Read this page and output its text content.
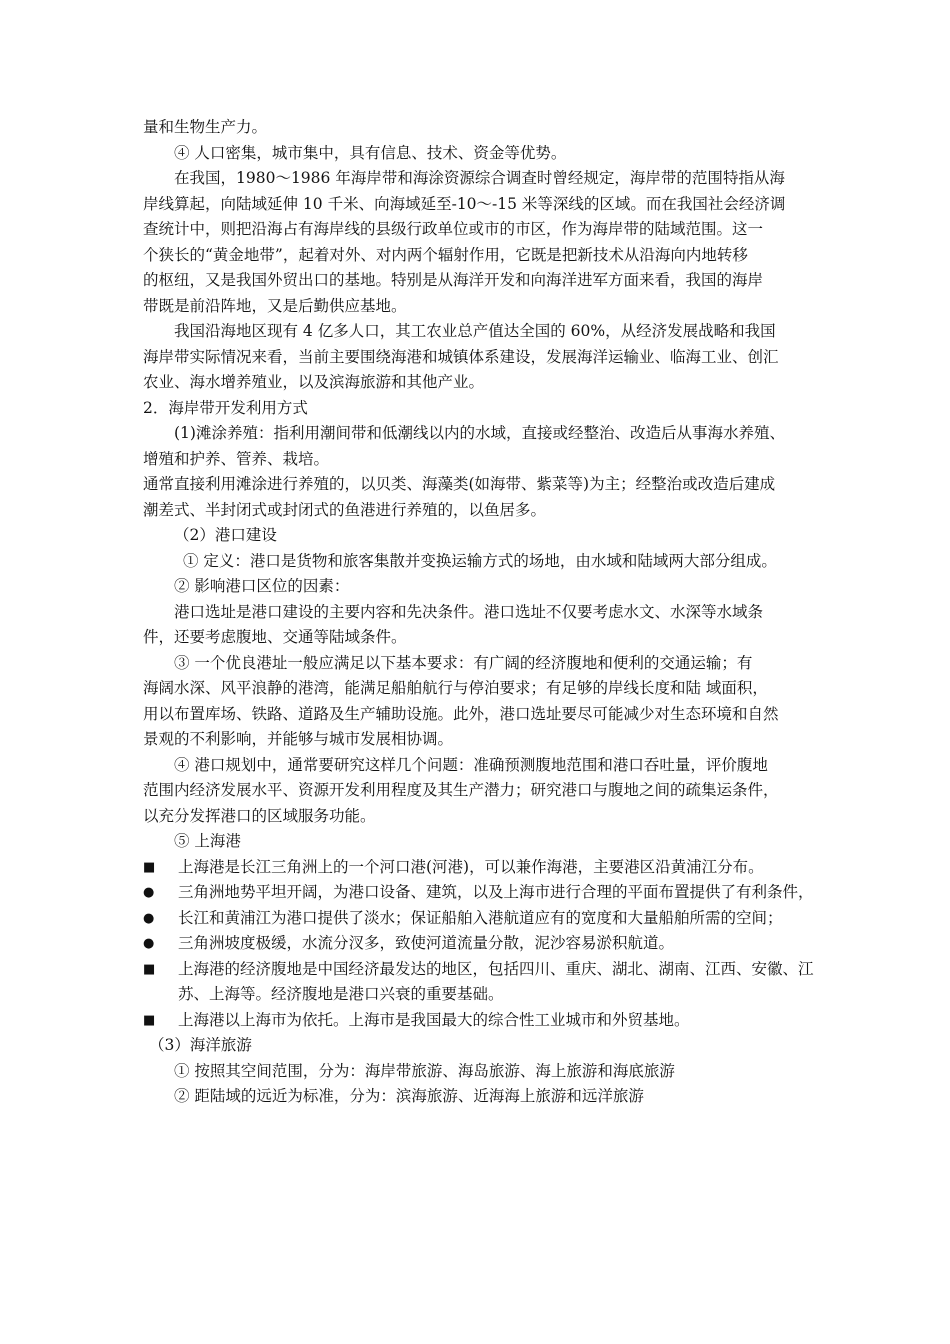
量和生物生产力。
④ 人口密集，城市集中，具有信息、技术、资金等优势。
在我国，1980～1986 年海岸带和海涂资源综合调查时曾经规定，海岸带的范围特指从海
岸线算起，向陆域延伸 10 千米、向海域延至-10～-15 米等深线的区域。而在我国社会经济调
查统计中，则把沿海占有海岸线的县级行政单位或市的市区，作为海岸带的陆域范围。这一
个狭长的“黄金地带”，起着对外、对内两个辐射作用，它既是把新技术从沿海向内地转移
的枢纽，又是我国外贸出口的基地。特别是从海洋开发和向海洋进军方面来看，我国的海岸
带既是前沿阵地，又是后勤供应基地。
我国沿海地区现有 4 亿多人口，其工农业总产值达全国的 60%，从经济发展战略和我国
海岸带实际情况来看，当前主要围绕海港和城镇体系建设，发展海洋运输业、临海工业、创汇
农业、海水增养殖业，以及滨海旅游和其他产业。
2．海岸带开发利用方式
(1)滩涂养殖：指利用潮间带和低潮线以内的水域，直接或经整治、改造后从事海水养殖、
增殖和护养、管养、栽培。
通常直接利用滩涂进行养殖的，以贝类、海藻类(如海带、紫菜等)为主；经整治或改造后建成
潮差式、半封闭式或封闭式的鱼港进行养殖的，以鱼居多。
（2）港口建设
① 定义：港口是货物和旅客集散并变换运输方式的场地，由水域和陆域两大部分组成。
② 影响港口区位的因素：
港口选址是港口建设的主要内容和先决条件。港口选址不仅要考虑水文、水深等水域条
件，还要考虑腹地、交通等陆域条件。
③ 一个优良港址一般应满足以下基本要求：有广阔的经济腹地和便利的交通运输；有
海阔水深、风平浪静的港湾，能满足船舶航行与停泊要求；有足够的岸线长度和陆 域面积，
用以布置库场、铁路、道路及生产辅助设施。此外，港口选址要尽可能减少对生态环境和自然
景观的不利影响，并能够与城市发展相协调。
④ 港口规划中，通常要研究这样几个问题：准确预测腹地范围和港口吞吐量，评价腹地
范围内经济发展水平、资源开发利用程度及其生产潜力；研究港口与腹地之间的疏集运条件，
以充分发挥港口的区域服务功能。
⑤ 上海港
■	上海港是长江三角洲上的一个河口港(河港)，可以兼作海港，主要港区沿黄浦江分布。
●	三角洲地势平坦开阔，为港口设备、建筑，以及上海市进行合理的平面布置提供了有利条件，
●	长江和黄浦江为港口提供了淡水；保证船舶入港航道应有的宽度和大量船舶所需的空间；
●	三角洲坡度极缓，水流分汊多，致使河道流量分散，泥沙容易淤积航道。
■	上海港的经济腹地是中国经济最发达的地区，包括四川、重庆、湖北、湖南、江西、安徽、江苏、上海等。经济腹地是港口兴衰的重要基础。
■	上海港以上海市为依托。上海市是我国最大的综合性工业城市和外贸基地。
（3）海洋旅游
① 按照其空间范围，分为：海岸带旅游、海岛旅游、海上旅游和海底旅游
② 距陆域的远近为标准，分为：滨海旅游、近海海上旅游和远洋旅游
